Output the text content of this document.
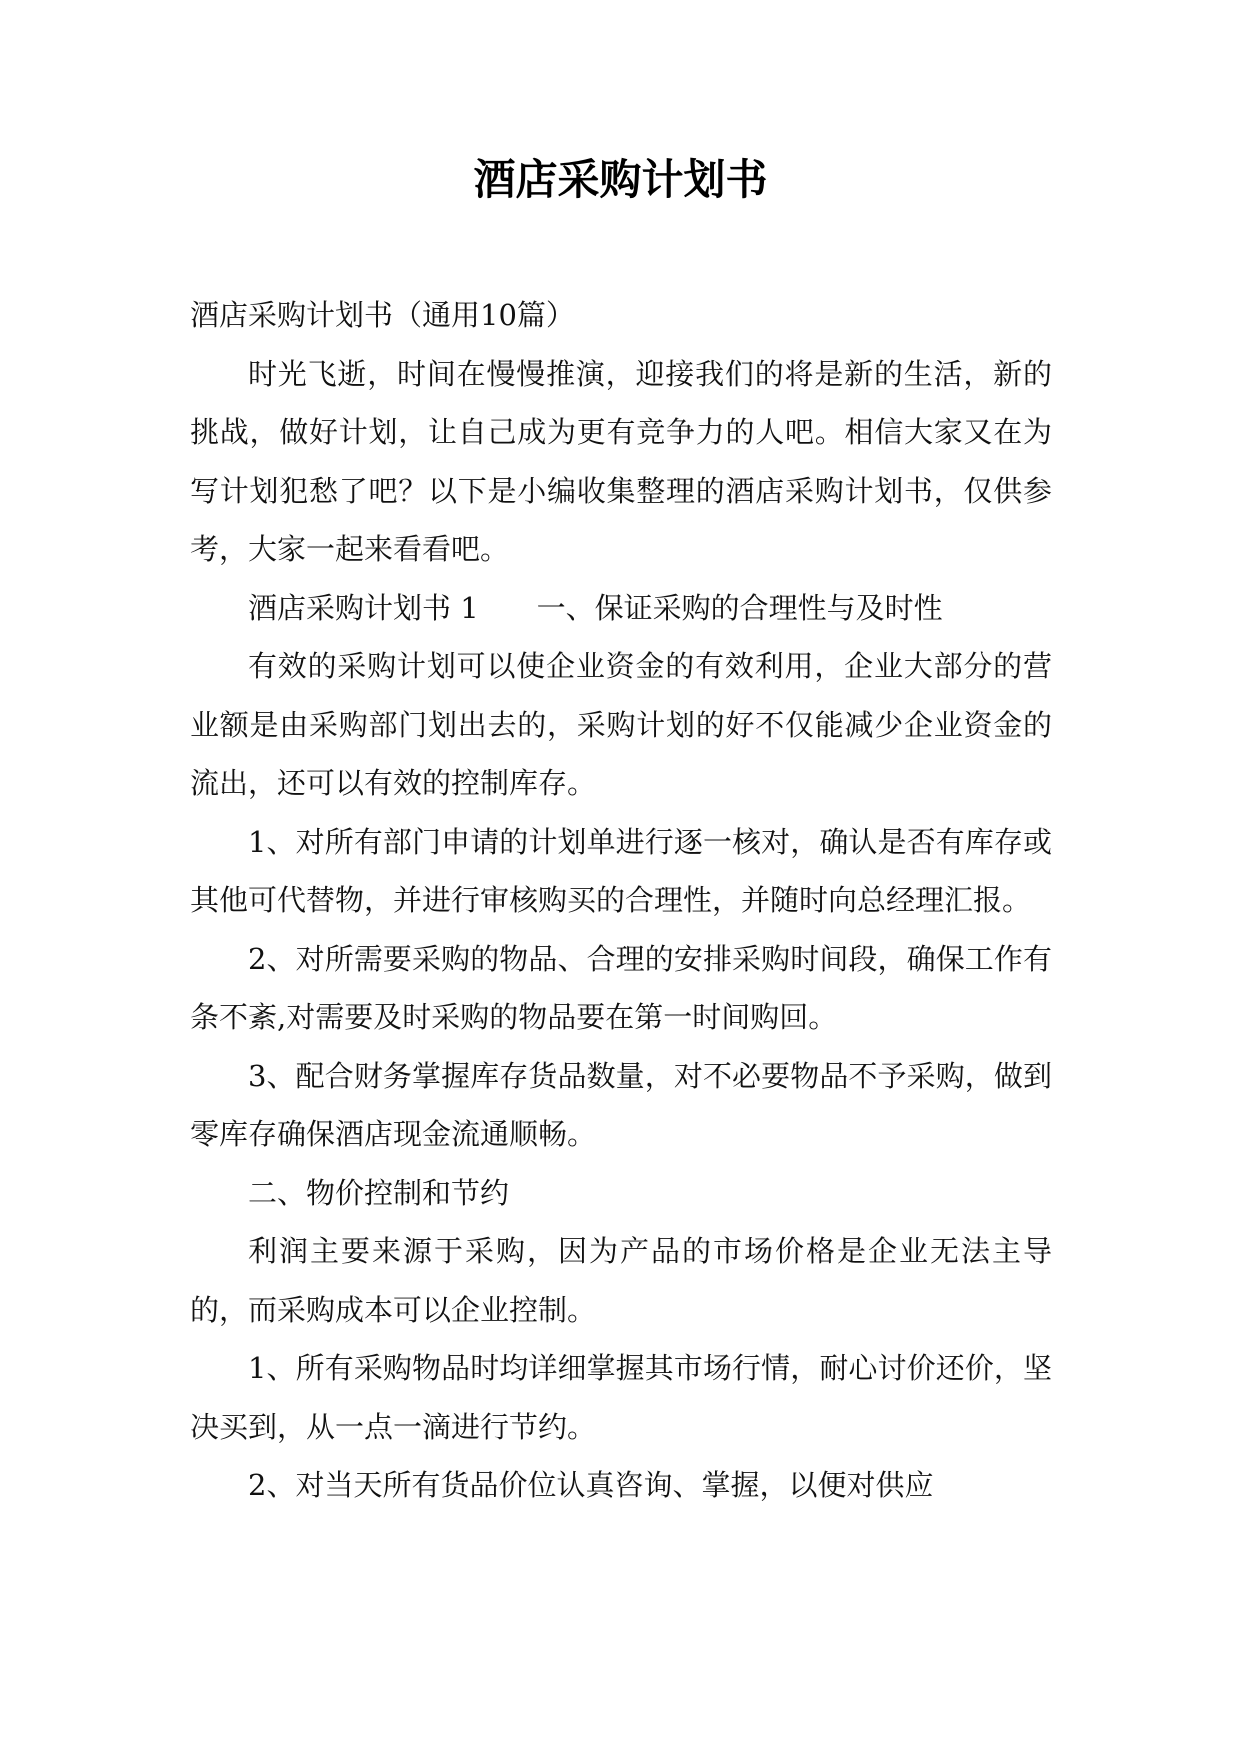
酒店采购计划书

酒店采购计划书（通用10篇）

时光飞逝，时间在慢慢推演，迎接我们的将是新的生活，新的挑战，做好计划，让自己成为更有竞争力的人吧。相信大家又在为写计划犯愁了吧？以下是小编收集整理的酒店采购计划书，仅供参考，大家一起来看看吧。

酒店采购计划书 1　　一、保证采购的合理性与及时性

有效的采购计划可以使企业资金的有效利用，企业大部分的营业额是由采购部门划出去的，采购计划的好不仅能减少企业资金的流出，还可以有效的控制库存。

1、对所有部门申请的计划单进行逐一核对，确认是否有库存或其他可代替物，并进行审核购买的合理性，并随时向总经理汇报。

2、对所需要采购的物品、合理的安排采购时间段，确保工作有条不紊,对需要及时采购的物品要在第一时间购回。

3、配合财务掌握库存货品数量，对不必要物品不予采购，做到零库存确保酒店现金流通顺畅。

二、物价控制和节约

利润主要来源于采购，因为产品的市场价格是企业无法主导的，而采购成本可以企业控制。

1、所有采购物品时均详细掌握其市场行情，耐心讨价还价，坚决买到，从一点一滴进行节约。

2、对当天所有货品价位认真咨询、掌握，以便对供应
